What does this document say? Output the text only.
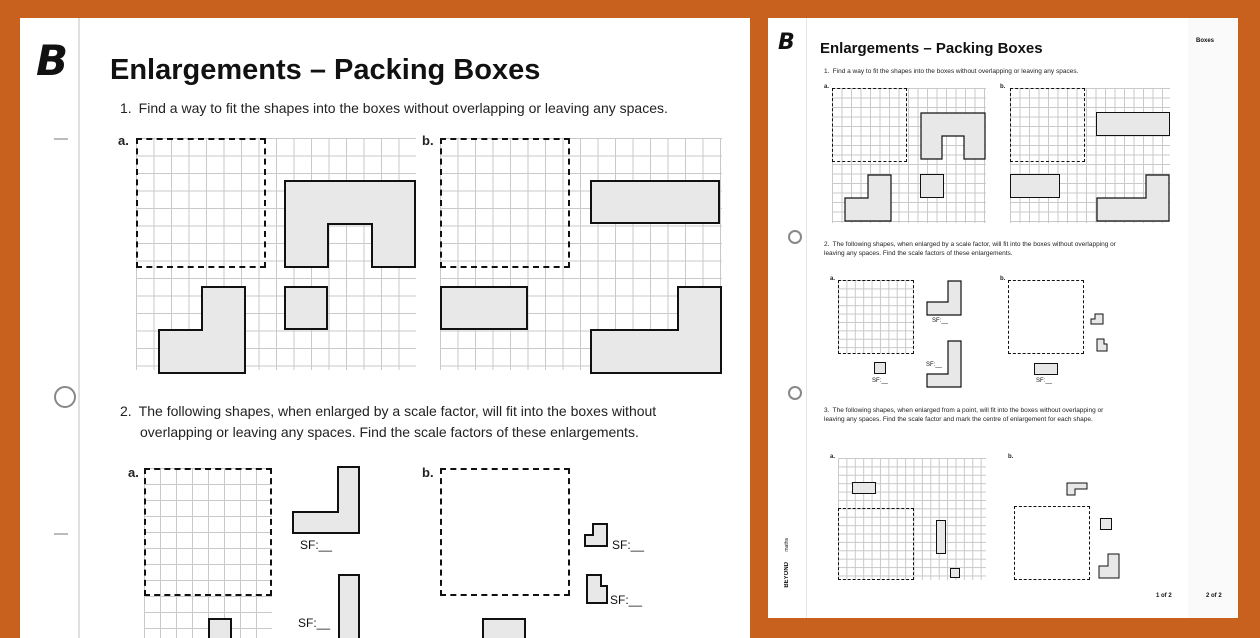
2 of 2
Boxes
B Enlargements – Packing Boxes
1. Find a way to fit the shapes into the boxes without overlapping or leaving any spaces.
a.	b.
2. The following shapes, when enlarged by a scale factor, will fit into the boxes without
overlapping or leaving any spaces. Find the scale factors of these enlargements.
a.
SF:__
SF:__
b.
SF:__
SF:__
B Enlargements – Packing Boxes
1. Find a way to fit the shapes into the boxes without overlapping or leaving any spaces.
a.	b.
2. The following shapes, when enlarged by a scale factor, will fit into the boxes without overlapping or leaving any spaces. Find the scale factors of these enlargements.
a.
SF:__
SF:__
SF:__
b.
SF:__
3. The following shapes, when enlarged from a point, will fit into the boxes without overlapping or leaving any spaces. Find the scale factor and mark the centre of enlargement for each shape.
a.	b.
BEYOND
maths
1 of 2
